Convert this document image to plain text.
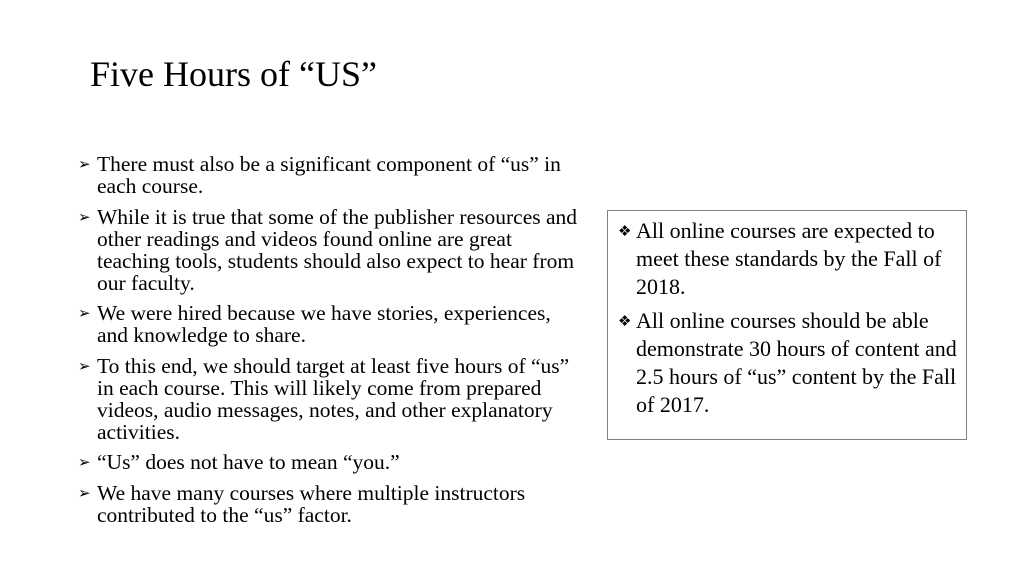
Five Hours of “US”
➢ There must also be a significant component of “us” in each course.
➢ While it is true that some of the publisher resources and other readings and videos found online are great teaching tools, students should also expect to hear from our faculty.
➢ We were hired because we have stories, experiences, and knowledge to share.
➢ To this end, we should target at least five hours of “us” in each course. This will likely come from prepared videos, audio messages, notes, and other explanatory activities.
➢ “Us” does not have to mean “you.”
➢ We have many courses where multiple instructors contributed to the “us” factor.
❖ All online courses are expected to meet these standards by the Fall of 2018.
❖ All online courses should be able demonstrate 30 hours of content and 2.5 hours of “us” content by the Fall of 2017.
